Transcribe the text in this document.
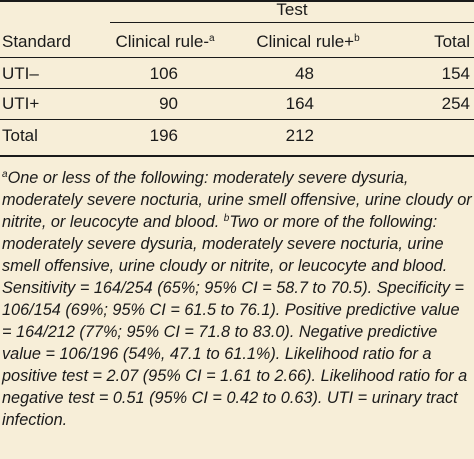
Test
Standard	Clinical rule-$^a$	Clinical rule+$^b$	Total
UTI–	106	48	154
UTI+	90	164	254
Total	196	212

$^a$One or less of the following: moderately severe dysuria, moderately severe nocturia, urine smell offensive, urine cloudy or nitrite, or leucocyte and blood. $^b$Two or more of the following: moderately severe dysuria, moderately severe nocturia, urine smell offensive, urine cloudy or nitrite, or leucocyte and blood. Sensitivity = 164/254 (65%; 95% CI = 58.7 to 70.5). Specificity = 106/154 (69%; 95% CI = 61.5 to 76.1). Positive predictive value = 164/212 (77%; 95% CI = 71.8 to 83.0). Negative predictive value = 106/196 (54%, 47.1 to 61.1%). Likelihood ratio for a positive test = 2.07 (95% CI = 1.61 to 2.66). Likelihood ratio for a negative test = 0.51 (95% CI = 0.42 to 0.63). UTI = urinary tract infection.
